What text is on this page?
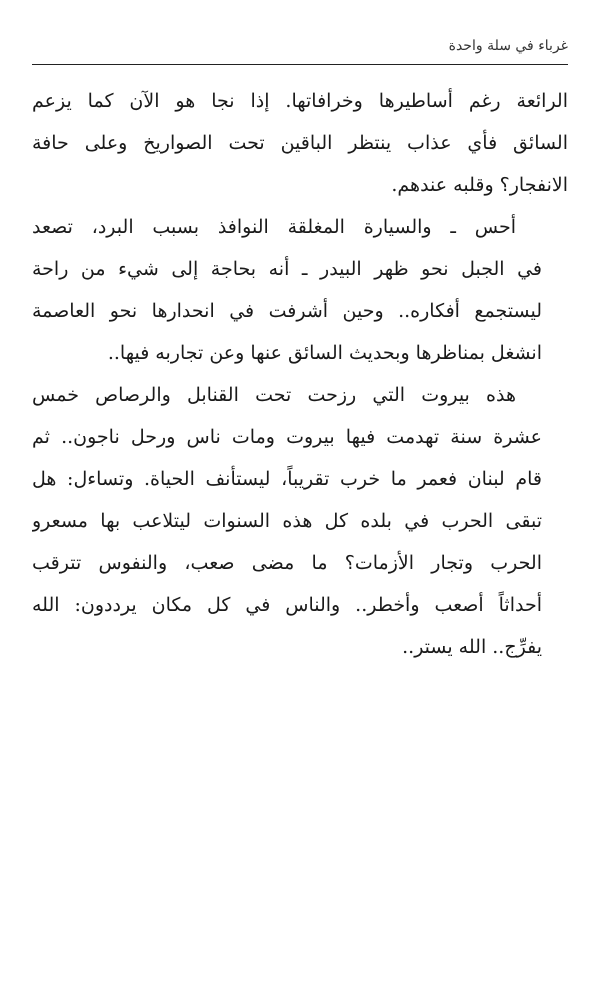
غرباء في سلة واحدة

الرائعة رغم أساطيرها وخرافاتها. إذا نجا هو الآن كما يزعم
السائق فأي عذاب ينتظر الباقين تحت الصواريخ وعلى حافة
الانفجار؟ وقلبه عندهم.

أحس ـ والسيارة المغلقة النوافذ بسبب البرد، تصعد
في الجبل نحو ظهر البيدر ـ أنه بحاجة إلى شيء من راحة
ليستجمع أفكاره.. وحين أشرفت في انحدارها نحو العاصمة
انشغل بمناظرها وبحديث السائق عنها وعن تجاربه فيها..

هذه بيروت التي رزحت تحت القنابل والرصاص خمس
عشرة سنة تهدمت فيها بيروت ومات ناس ورحل ناجون.. ثم
قام لبنان فعمر ما خرب تقريباً، ليستأنف الحياة. وتساءل: هل
تبقى الحرب في بلده كل هذه السنوات ليتلاعب بها مسعرو
الحرب وتجار الأزمات؟ ما مضى صعب، والنفوس تترقب
أحداثاً أصعب وأخطر.. والناس في كل مكان يرددون: الله
يفرِّج.. الله يستر..
